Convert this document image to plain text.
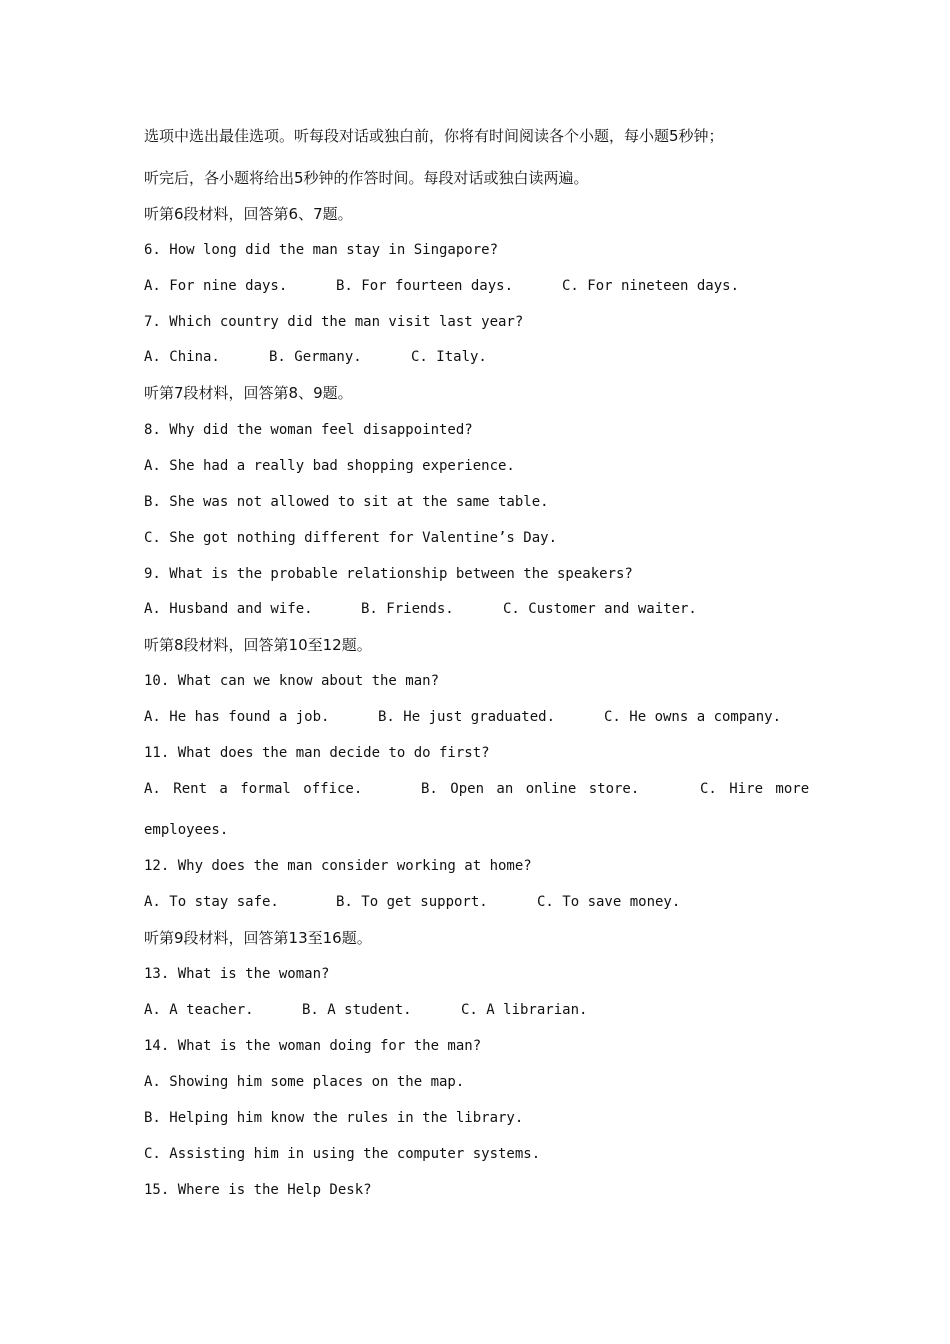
选项中选出最佳选项。听每段对话或独白前，你将有时间阅读各个小题，每小题5秒钟；
听完后，各小题将给出5秒钟的作答时间。每段对话或独白读两遍。
听第6段材料，回答第6、7题。
6. How long did the man stay in Singapore?
A. For nine days.	B. For fourteen days.	C. For nineteen days.
7. Which country did the man visit last year?
A. China.	B. Germany.	C. Italy.
听第7段材料，回答第8、9题。
8. Why did the woman feel disappointed?
A. She had a really bad shopping experience.
B. She was not allowed to sit at the same table.
C. She got nothing different for Valentine’s Day.
9. What is the probable relationship between the speakers?
A. Husband and wife.	B. Friends.	C. Customer and waiter.
听第8段材料，回答第10至12题。
10. What can we know about the man?
A. He has found a job.	B. He just graduated.	C. He owns a company.
11. What does the man decide to do first?
A. Rent a formal office.	B. Open an online store.	C. Hire more
employees.
12. Why does the man consider working at home?
A. To stay safe.	B. To get support.	C. To save money.
听第9段材料，回答第13至16题。
13. What is the woman?
A. A teacher.	B. A student.	C. A librarian.
14. What is the woman doing for the man?
A. Showing him some places on the map.
B. Helping him know the rules in the library.
C. Assisting him in using the computer systems.
15. Where is the Help Desk?
